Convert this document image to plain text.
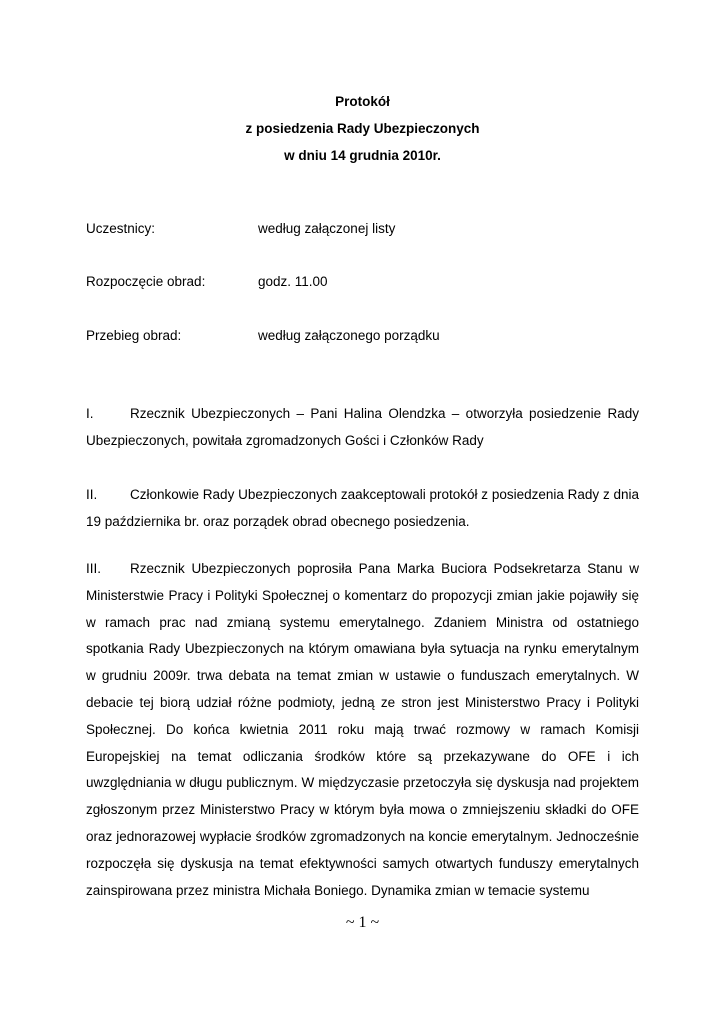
Protokół
z posiedzenia Rady Ubezpieczonych
w dniu 14 grudnia 2010r.
Uczestnicy:	według załączonej listy
Rozpoczęcie obrad:	godz. 11.00
Przebieg obrad:	według załączonego porządku
I.	Rzecznik Ubezpieczonych – Pani Halina Olendzka – otworzyła posiedzenie Rady Ubezpieczonych, powitała zgromadzonych Gości i Członków Rady
II. Członkowie Rady Ubezpieczonych zaakceptowali protokół z posiedzenia Rady z dnia 19 października br. oraz porządek obrad obecnego posiedzenia.
III. Rzecznik Ubezpieczonych poprosiła Pana Marka Buciora Podsekretarza Stanu w Ministerstwie Pracy i Polityki Społecznej o komentarz do propozycji zmian jakie pojawiły się w ramach prac nad zmianą systemu emerytalnego. Zdaniem Ministra od ostatniego spotkania Rady Ubezpieczonych na którym omawiana była sytuacja na rynku emerytalnym w grudniu 2009r. trwa debata na temat zmian w ustawie o funduszach emerytalnych. W debacie tej biorą udział różne podmioty, jedną ze stron jest Ministerstwo Pracy i Polityki Społecznej. Do końca kwietnia 2011 roku mają trwać rozmowy w ramach Komisji Europejskiej na temat odliczania środków które są przekazywane do OFE i ich uwzględniania w długu publicznym. W międzyczasie przetoczyła się dyskusja nad projektem zgłoszonym przez Ministerstwo Pracy w którym była mowa o zmniejszeniu składki do OFE oraz jednorazowej wypłacie środków zgromadzonych na koncie emerytalnym. Jednocześnie rozpoczęła się dyskusja na temat efektywności samych otwartych funduszy emerytalnych zainspirowana przez ministra Michała Boniego. Dynamika zmian w temacie systemu
~ 1 ~
